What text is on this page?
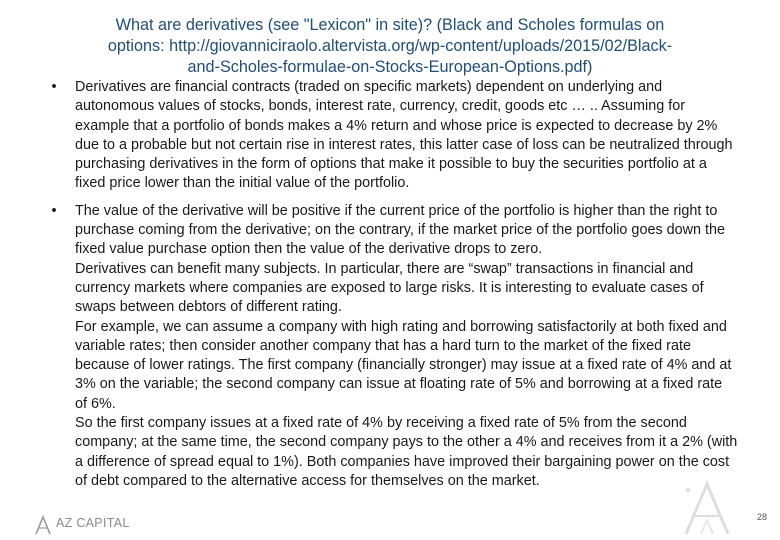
What are derivatives (see "Lexicon" in site)? (Black and Scholes formulas on
options: http://giovanniciraolo.altervista.org/wp-content/uploads/2015/02/Black-
and-Scholes-formulae-on-Stocks-European-Options.pdf)
• Derivatives are financial contracts (traded on specific markets) dependent on underlying and autonomous values of stocks, bonds, interest rate, currency, credit, goods etc … .. Assuming for example that a portfolio of bonds makes a 4% return and whose price is expected to decrease by 2% due to a probable but not certain rise in interest rates, this latter case of loss can be neutralized through purchasing derivatives in the form of options that make it possible to buy the securities portfolio at a fixed price lower than the initial value of the portfolio.

• The value of the derivative will be positive if the current price of the portfolio is higher than the right to purchase coming from the derivative; on the contrary, if the market price of the portfolio goes down the fixed value purchase option then the value of the derivative drops to zero.

Derivatives can benefit many subjects. In particular, there are “swap” transactions in financial and currency markets where companies are exposed to large risks. It is interesting to evaluate cases of swaps between debtors of different rating.

For example, we can assume a company with high rating and borrowing satisfactorily at both fixed and variable rates; then consider another company that has a hard turn to the market of the fixed rate because of lower ratings. The first company (financially stronger) may issue at a fixed rate of 4% and at 3% on the variable; the second company can issue at floating rate of 5% and borrowing at a fixed rate of 6%.

So the first company issues at a fixed rate of 4% by receiving a fixed rate of 5% from the second company; at the same time, the second company pays to the other a 4% and receives from it a 2% (with a difference of spread equal to 1%). Both companies have improved their bargaining power on the cost of debt compared to the alternative access for themselves on the market.

AZ CAPITAL	28
